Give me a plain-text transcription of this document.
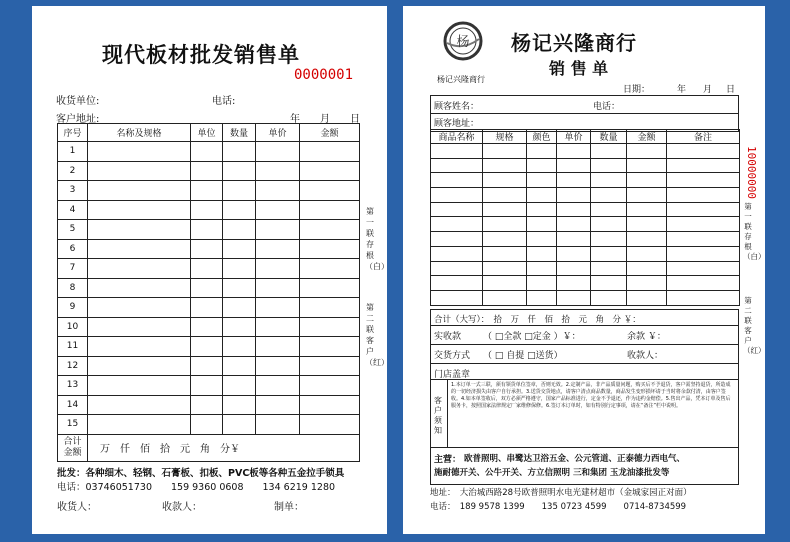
现代板材批发销售单
0000001
收货单位:	电话:
客户地址:	年 月 日
序号	名称及规格	单位	数量	单价	金额
1					
2					
3					
4					
5					
6					
7					
8					
9					
10					
11					
12					
13					
14					
15					

合计
金额	万　仟　佰　拾　元　角　分￥				
第一联存根（白）
第二联客户（红）
批发：各种细木、轻钢、石膏板、扣板、PVC板等各种五金拉手锁具
电话：03746051730　　159 9360 0608　　134 6219 1280
收货人：	收款人：	制单：
杨
杨记兴隆商行
杨记兴隆商行
销 售 单
日期：	年 月 日
顾客姓名：	电话：
顾客地址：
商品名称	规格	颜色	单价	数量	金额	备注

10000000
第一联存根（白）
第二联客户（红）
合计（大写）：　拾　万　仟　佰　拾　元　角　分 ￥：
实收款 （ □全款 □定金 ）￥：	余款 ￥：
交货方式 （ □ 自提 □送货）	收款人：
门店盖章
客户须知
1.本订单一式三联，须有领货单位签章，否则无效。2.定制产品，非产品质量问题，购买后不予退货，客户需坚持退货，所造成的一切经济损失由客户自行承担。3.送货交货地点，请客户清点商品数量，商品发生变形损坏请于当时将余款付清，由客户签收。4.如本单签收后，双方必须严格遵守，国家产品标准进行，定金不予退还，作为违约金赔偿。5.售出产品，凭本订单及售后服务卡，按照国家法律规定厂家维修保修。6.签订本订单时，如有特别行定事项，请在“备注”栏中说明。
主营： 欧普照明、串鹭达卫浴五金、公元管道、正泰德力西电气、
施耐德开关、公牛开关、方立信照明 三和集团 玉龙油漆批发等
地址：　大治城西路28号欧普照明水电光建材超市（金城家园正对面）
电话：　189 9578 1399　　135 0723 4599　　0714-8734599
